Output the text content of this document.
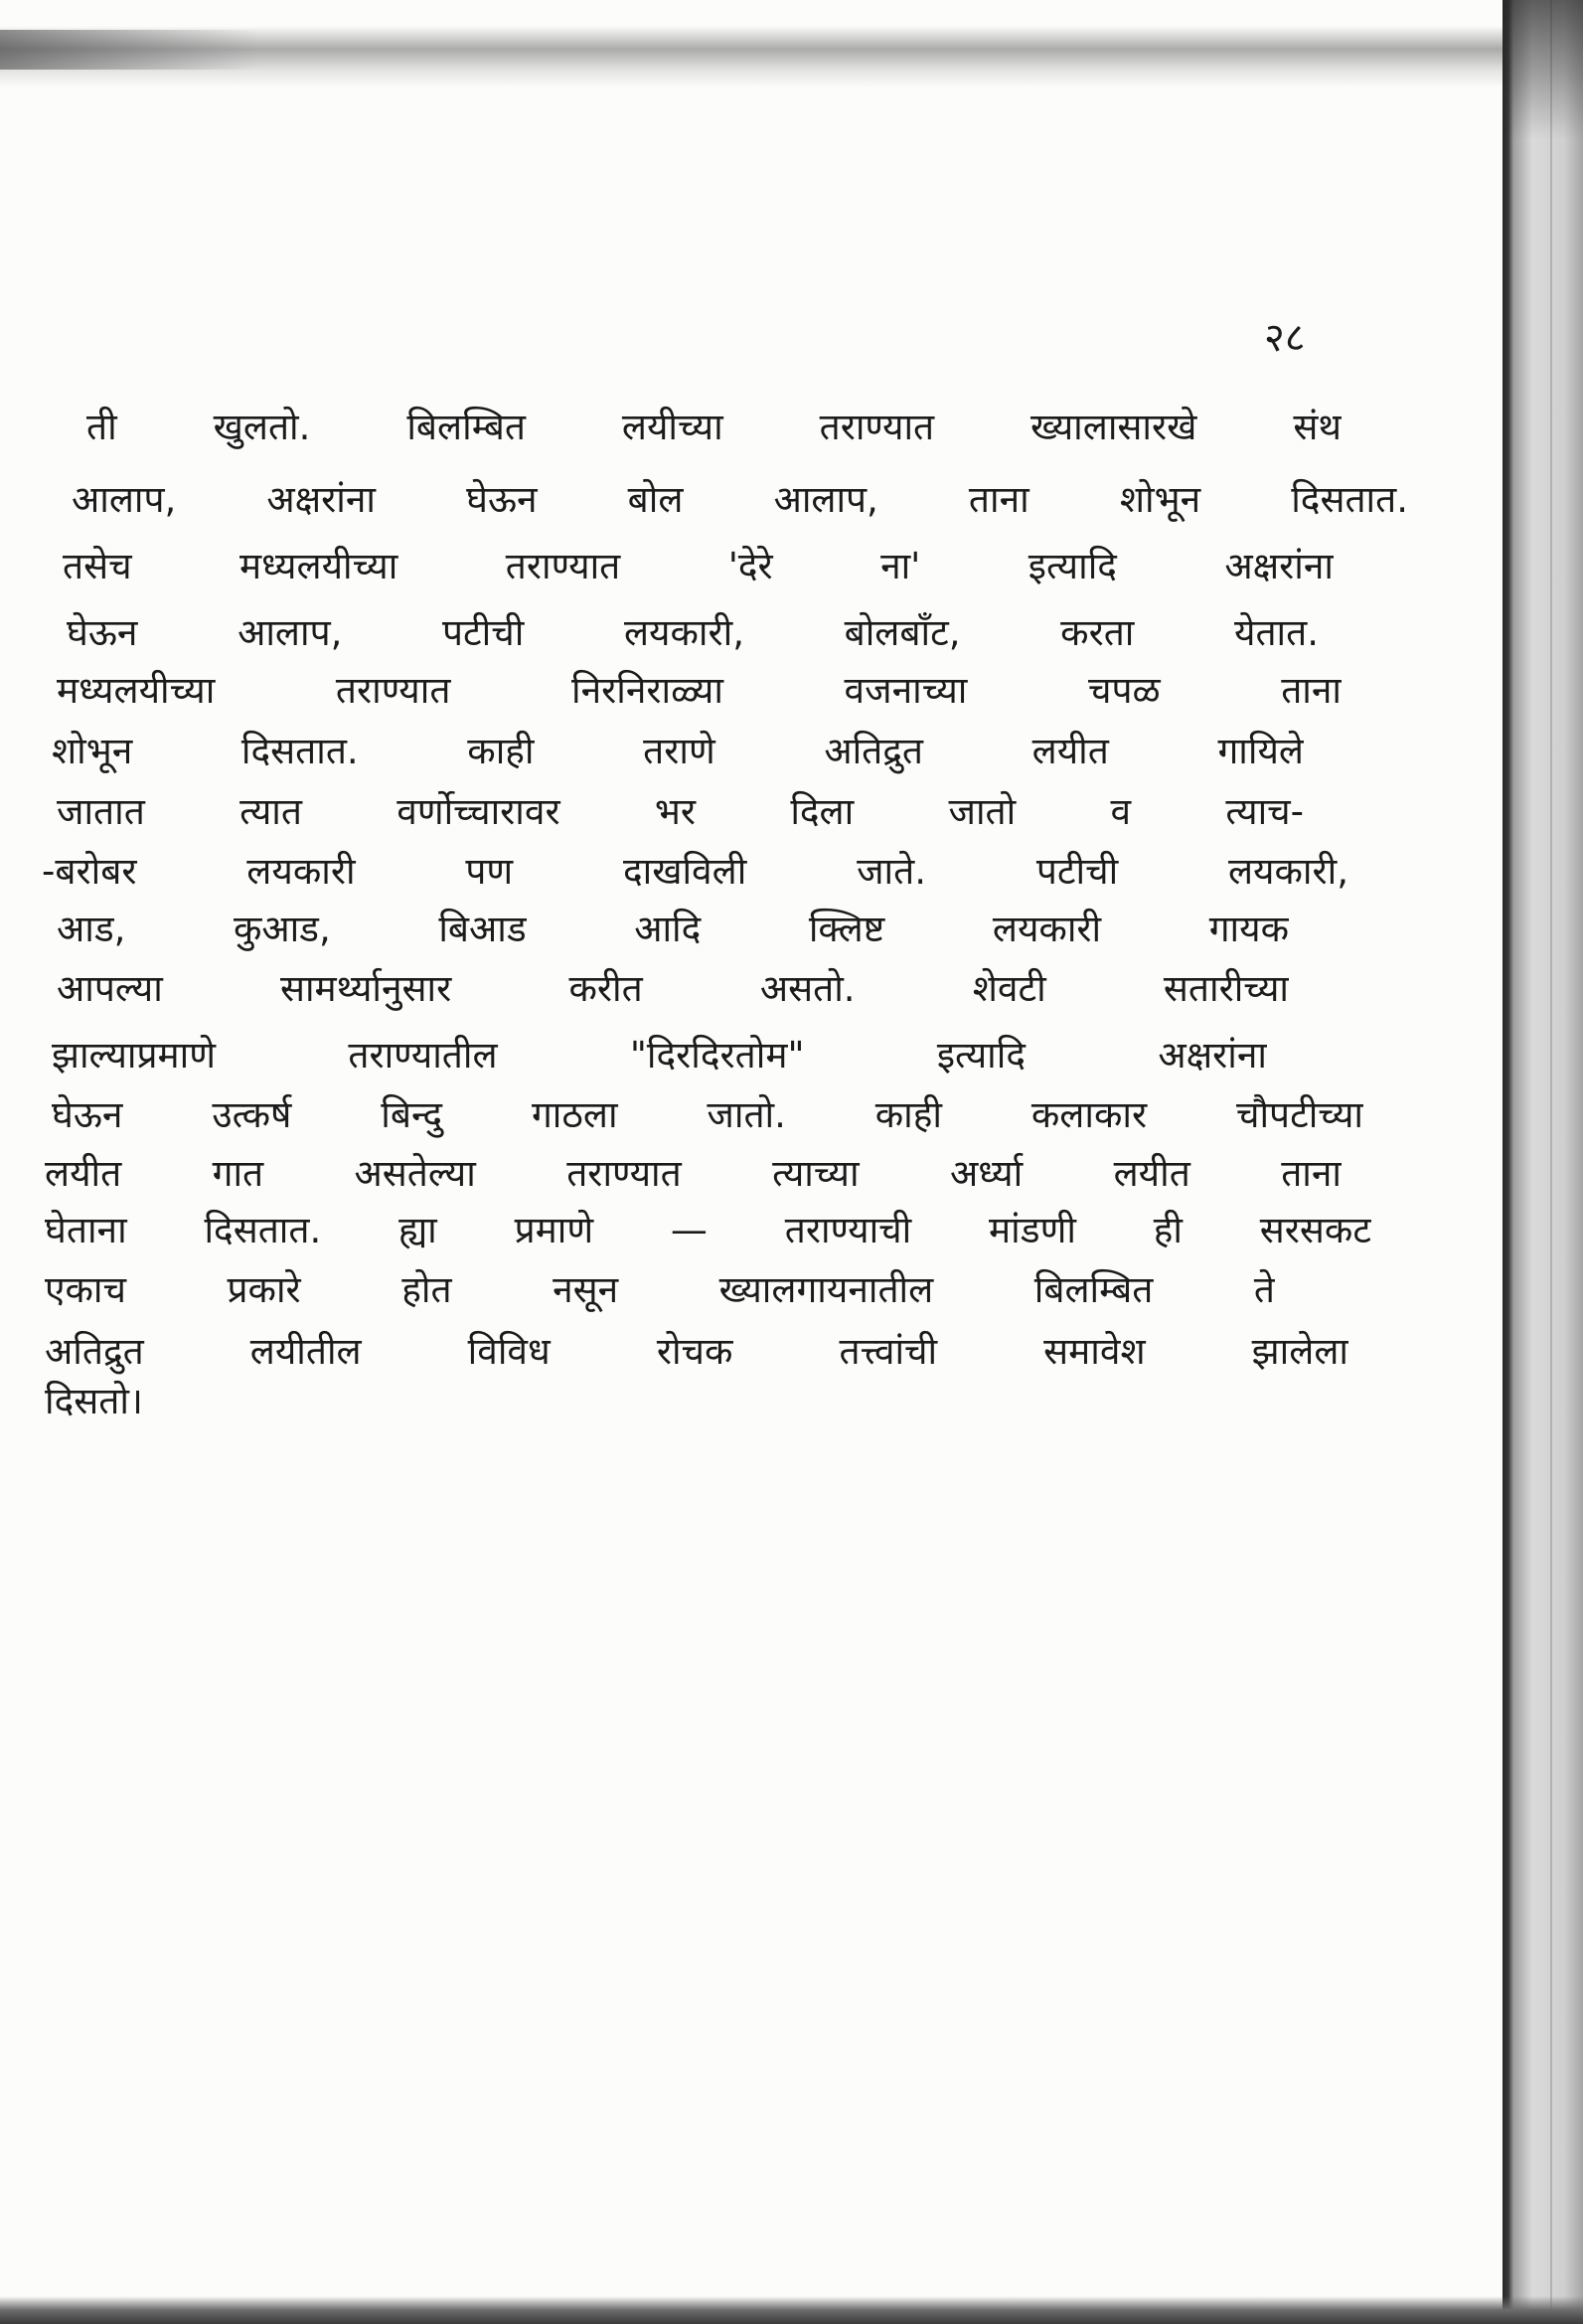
२८
ती खुलतो. बिलम्बित लयीच्या तराण्यात ख्यालासारखे संथ
आलाप, अक्षरांना घेऊन बोल आलाप, ताना शोभून दिसतात.
तसेच मध्यलयीच्या तराण्यात 'देरे ना' इत्यादि अक्षरांना
घेऊन आलाप, पटीची लयकारी, बोलबाँट, करता येतात.
मध्यलयीच्या तराण्यात निरनिराळ्या वजनाच्या चपळ ताना
शोभून दिसतात. काही तराणे अतिद्रुत लयीत गायिले
जातात त्यात वर्णोच्चारावर भर दिला जातो व त्याच-
-बरोबर लयकारी पण दाखविली जाते. पटीची लयकारी,
आड, कुआड, बिआड आदि क्लिष्ट लयकारी गायक
आपल्या सामर्थ्यानुसार करीत असतो. शेवटी सतारीच्या
झाल्याप्रमाणे तराण्यातील "दिरदिरतोम" इत्यादि अक्षरांना
घेऊन उत्कर्ष बिन्दु गाठला जातो. काही कलाकार चौपटीच्या
लयीत गात असतेल्या तराण्यात त्याच्या अर्ध्या लयीत ताना
घेताना दिसतात. ह्या प्रमाणे — तराण्याची मांडणी ही सरसकट
एकाच प्रकारे होत नसून ख्यालगायनातील बिलम्बित ते
अतिद्रुत लयीतील विविध रोचक तत्त्वांची समावेश झालेला
दिसतो।
